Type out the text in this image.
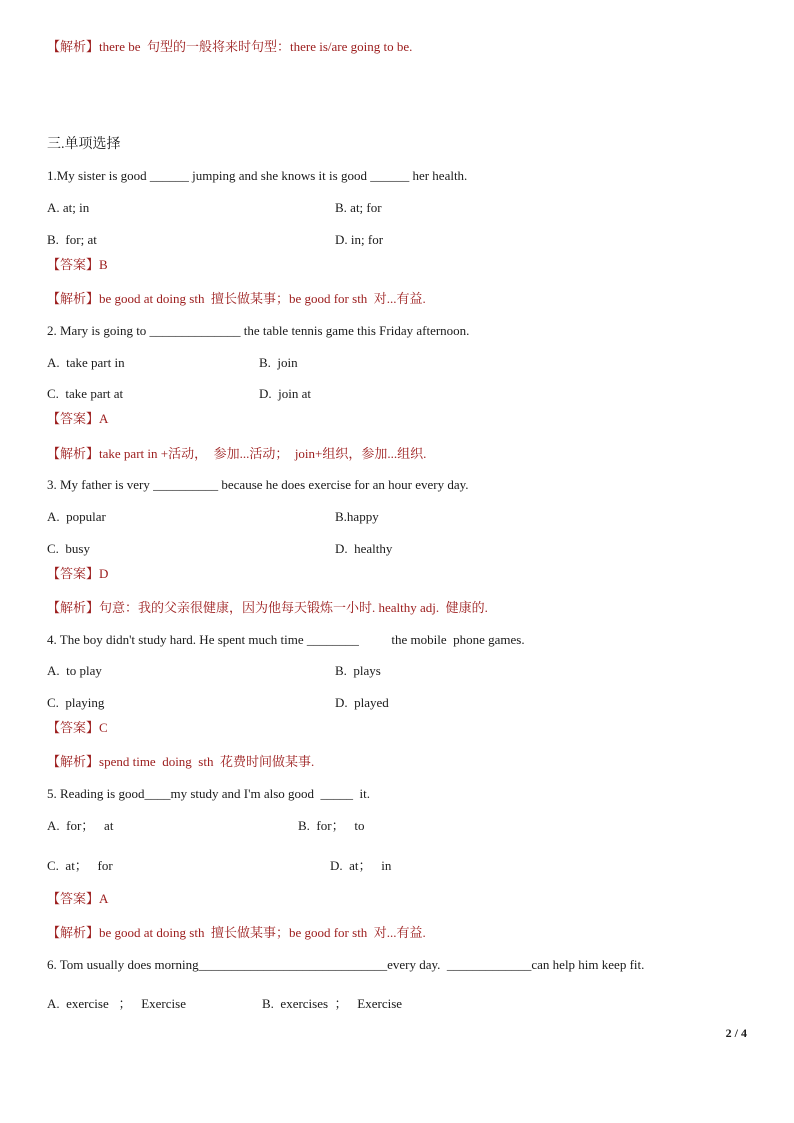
【解析】there be  句型的一般将来时句型：there is/are going to be.
三.单项选择
1.My sister is good ______ jumping and she knows it is good ______ her health.
A. at; in	B. at; for
B.  for; at	D. in; for
【答案】B
【解析】be good at doing sth  擅长做某事；be good for sth  对...有益.
2. Mary is going to ______________ the table tennis game this Friday afternoon.
A.  take part in	B.  join
C.  take part at	D.  join at
【答案】A
【解析】take part in +活动，  参加...活动；  join+组织，参加...组织.
3. My father is very __________ because he does exercise for an hour every day.
A.  popular	B.happy
C.  busy	D.  healthy
【答案】D
【解析】句意：我的父亲很健康，因为他每天锻炼一小时. healthy adj.  健康的.
4. The boy didn't study hard. He spent much time ________          the mobile  phone games.
A.  to play	B.  plays
C.  playing	D.  played
【答案】C
【解析】spend time  doing  sth  花费时间做某事.
5. Reading is good____my study and I'm also good  _____  it.
A.  for；   at	B.  for；   to
C.  at；   for	D.  at；   in
【答案】A
【解析】be good at doing sth  擅长做某事；be good for sth  对...有益.
6. Tom usually does morning_____________________________every day.  _____________can help him keep fit.
A.  exercise   ；   Exercise	B.  exercises  ；   Exercise
2 / 4
